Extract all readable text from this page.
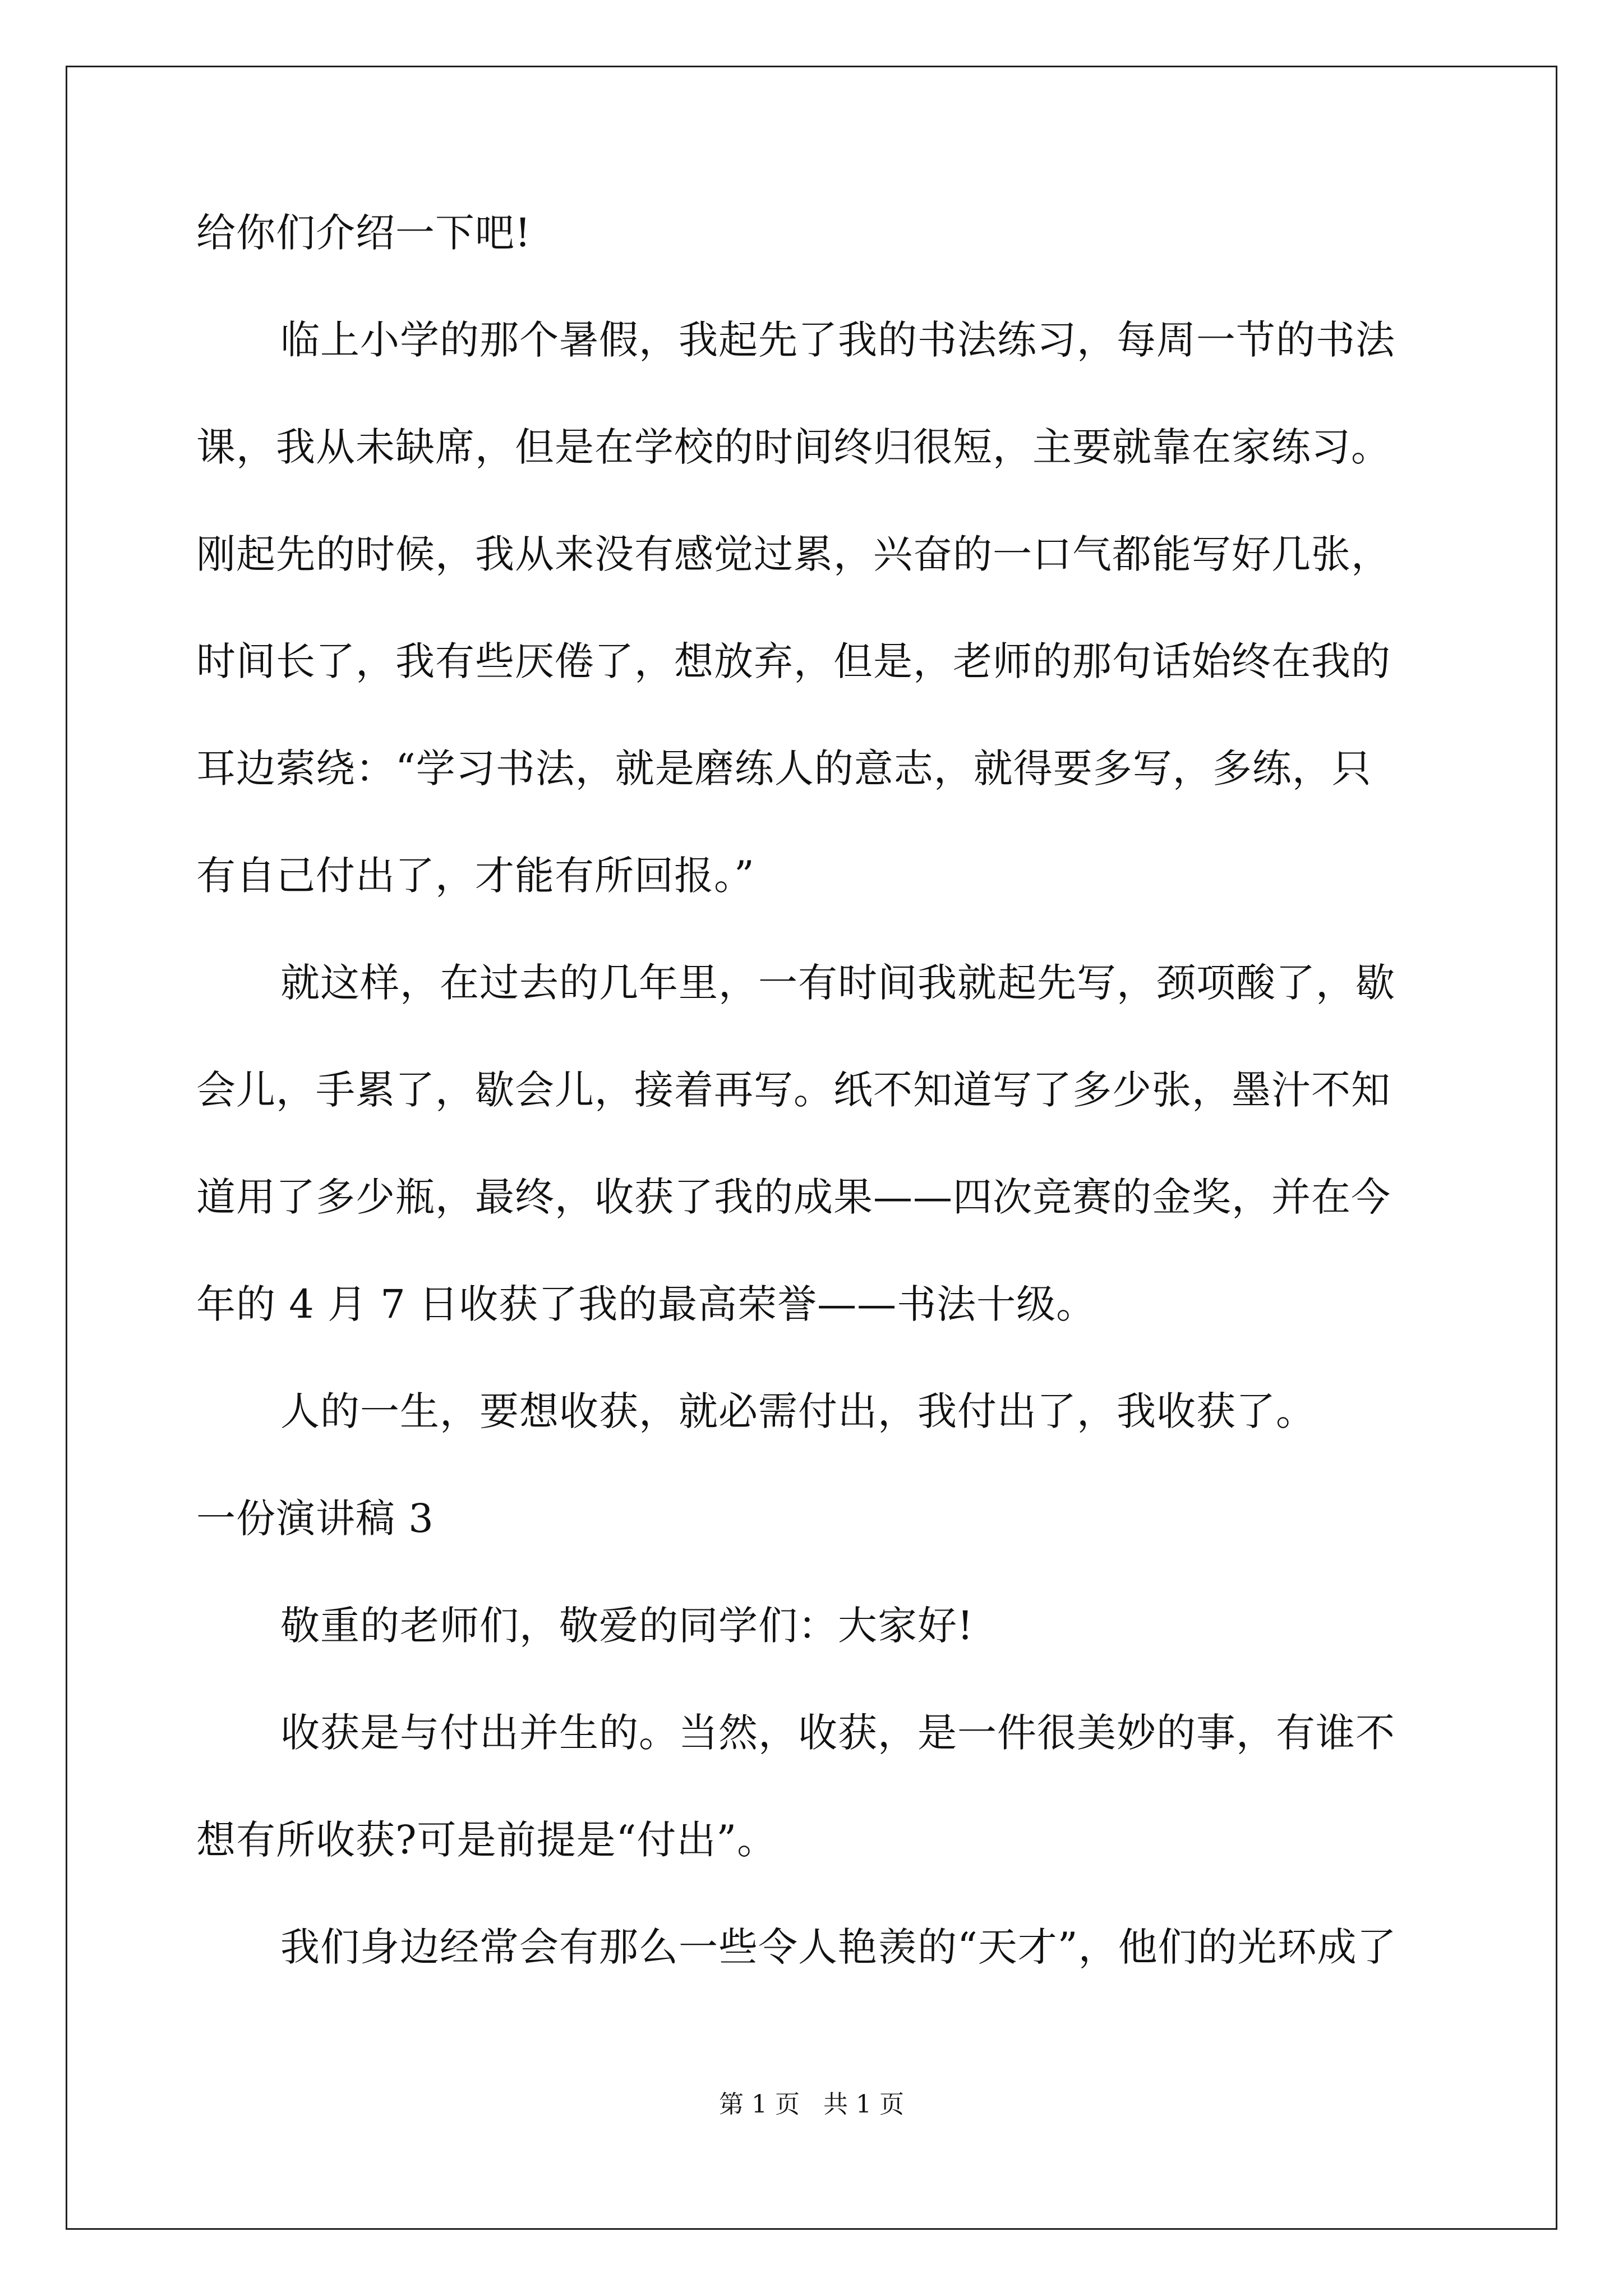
给你们介绍一下吧!
临上小学的那个暑假，我起先了我的书法练习，每周一节的书法
课，我从未缺席，但是在学校的时间终归很短，主要就靠在家练习。
刚起先的时候，我从来没有感觉过累，兴奋的一口气都能写好几张，
时间长了，我有些厌倦了，想放弃，但是，老师的那句话始终在我的
耳边萦绕：“学习书法，就是磨练人的意志，就得要多写，多练，只
有自己付出了，才能有所回报。”
就这样，在过去的几年里，一有时间我就起先写，颈项酸了，歇
会儿，手累了，歇会儿，接着再写。纸不知道写了多少张，墨汁不知
道用了多少瓶，最终，收获了我的成果——四次竞赛的金奖，并在今
年的 4 月 7 日收获了我的最高荣誉——书法十级。
人的一生，要想收获，就必需付出，我付出了，我收获了。
一份演讲稿 3
敬重的老师们，敬爱的同学们：大家好!
收获是与付出并生的。当然，收获，是一件很美妙的事，有谁不
想有所收获?可是前提是“付出”。
我们身边经常会有那么一些令人艳羡的“天才”，他们的光环成了
第 1 页 共 1 页
